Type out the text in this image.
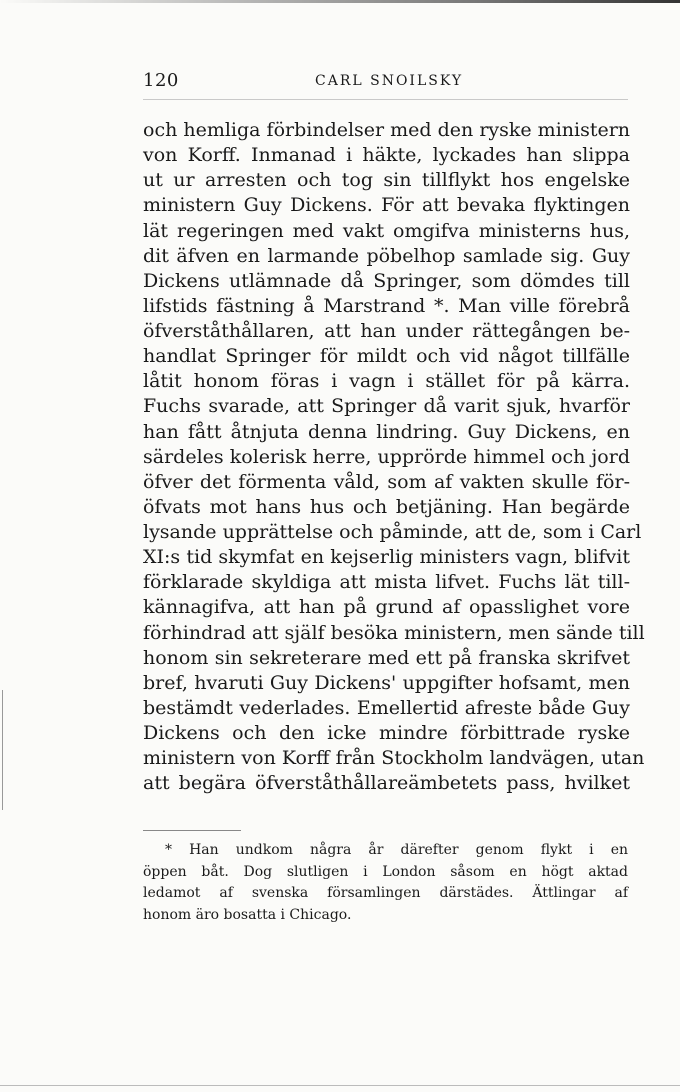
120	CARL SNOILSKY
och hemliga förbindelser med den ryske ministern
von Korff. Inmanad i häkte, lyckades han slippa
ut ur arresten och tog sin tillflykt hos engelske
ministern Guy Dickens. För att bevaka flyktingen
lät regeringen med vakt omgifva ministerns hus,
dit äfven en larmande pöbelhop samlade sig. Guy
Dickens utlämnade då Springer, som dömdes till
lifstids fästning å Marstrand *. Man ville förebrå
öfverståthållaren, att han under rättegången be-
handlat Springer för mildt och vid något tillfälle
låtit honom föras i vagn i stället för på kärra.
Fuchs svarade, att Springer då varit sjuk, hvarför
han fått åtnjuta denna lindring. Guy Dickens, en
särdeles kolerisk herre, upprörde himmel och jord
öfver det förmenta våld, som af vakten skulle för-
öfvats mot hans hus och betjäning. Han begärde
lysande upprättelse och påminde, att de, som i Carl
XI:s tid skymfat en kejserlig ministers vagn, blifvit
förklarade skyldiga att mista lifvet. Fuchs lät till-
kännagifva, att han på grund af opasslighet vore
förhindrad att själf besöka ministern, men sände till
honom sin sekreterare med ett på franska skrifvet
bref, hvaruti Guy Dickens' uppgifter hofsamt, men
bestämdt vederlades. Emellertid afreste både Guy
Dickens och den icke mindre förbittrade ryske
ministern von Korff från Stockholm landvägen, utan
att begära öfverståthållareämbetets pass, hvilket
* Han undkom några år därefter genom flykt i en
öppen båt. Dog slutligen i London såsom en högt aktad
ledamot af svenska församlingen därstädes. Ättlingar af
honom äro bosatta i Chicago.
